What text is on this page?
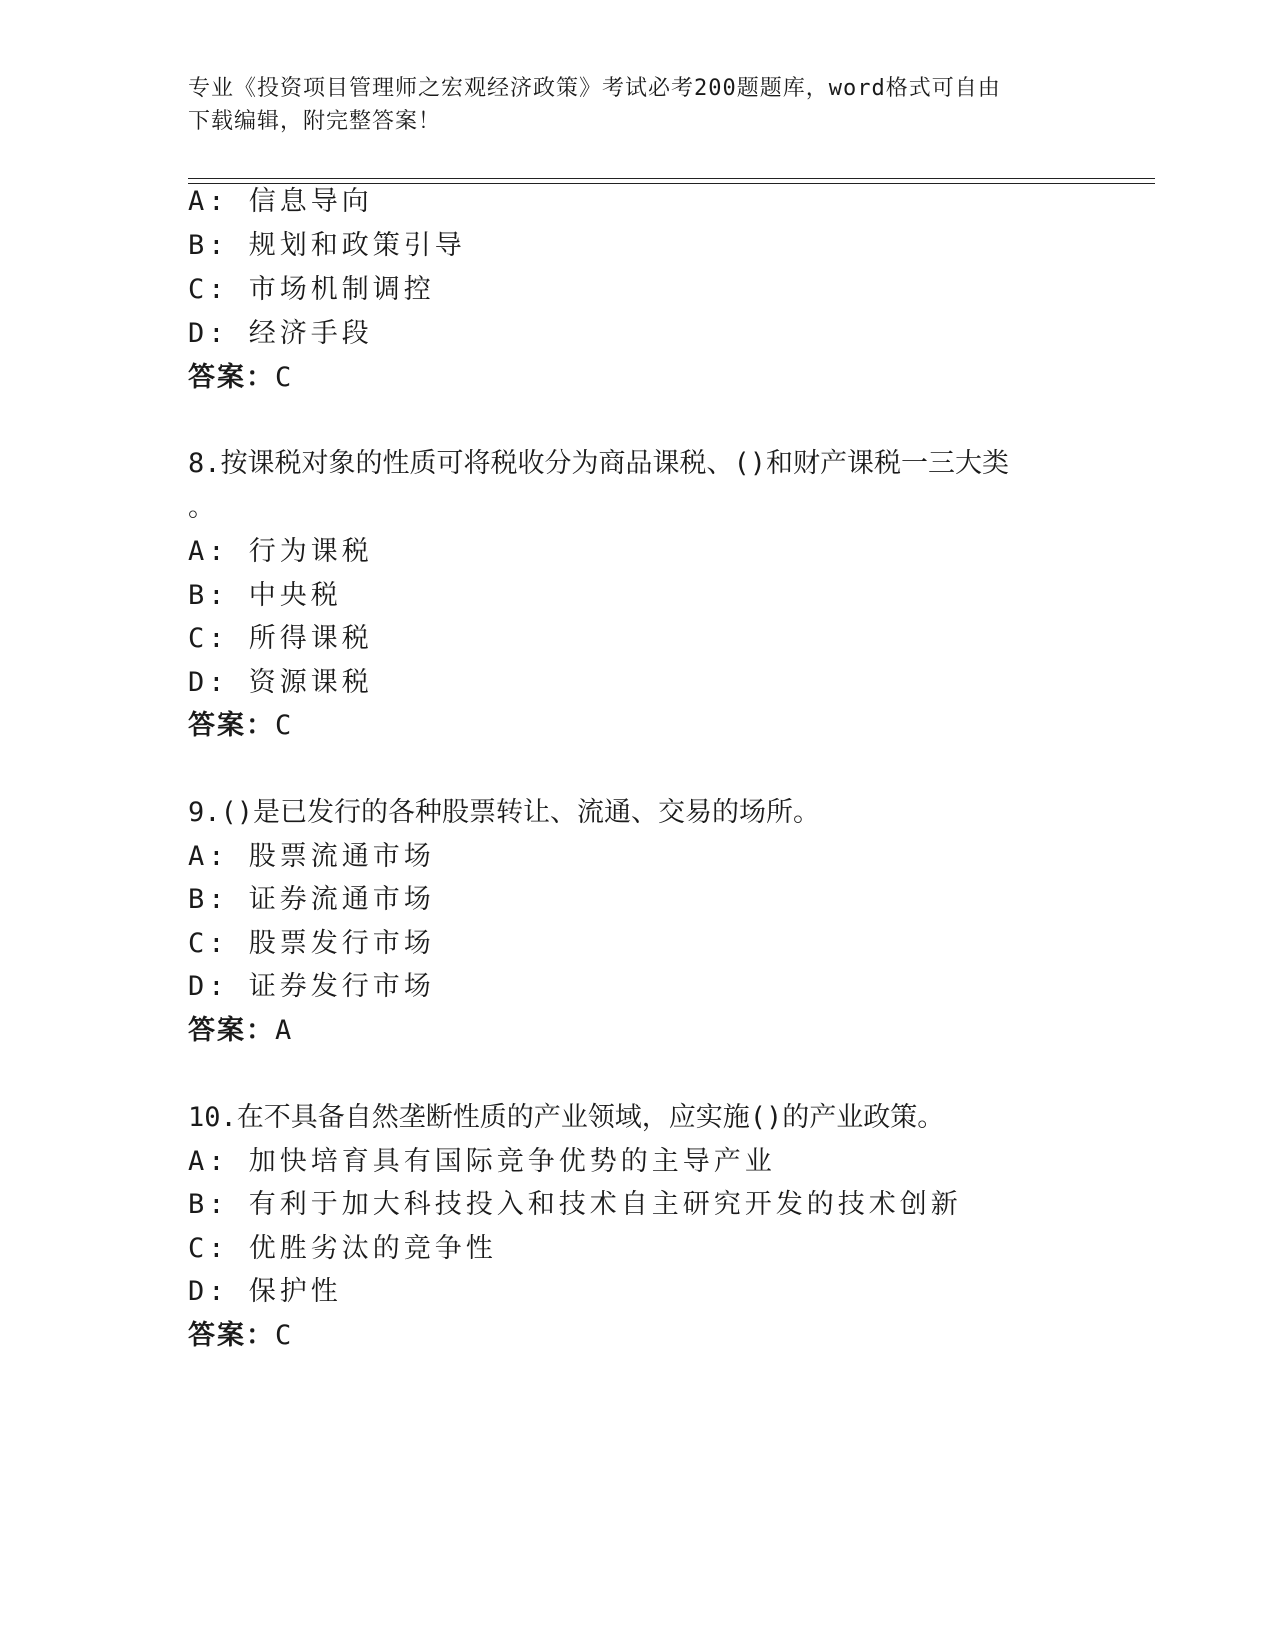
专业《投资项目管理师之宏观经济政策》考试必考200题题库，word格式可自由
下载编辑，附完整答案！
A: 信息导向
B: 规划和政策引导
C: 市场机制调控
D: 经济手段
答案：C
8.按课税对象的性质可将税收分为商品课税、()和财产课税一三大类
。
A: 行为课税
B: 中央税
C: 所得课税
D: 资源课税
答案：C
9.()是已发行的各种股票转让、流通、交易的场所。
A: 股票流通市场
B: 证券流通市场
C: 股票发行市场
D: 证券发行市场
答案：A
10.在不具备自然垄断性质的产业领域，应实施()的产业政策。
A: 加快培育具有国际竞争优势的主导产业
B: 有利于加大科技投入和技术自主研究开发的技术创新
C: 优胜劣汰的竞争性
D: 保护性
答案：C
